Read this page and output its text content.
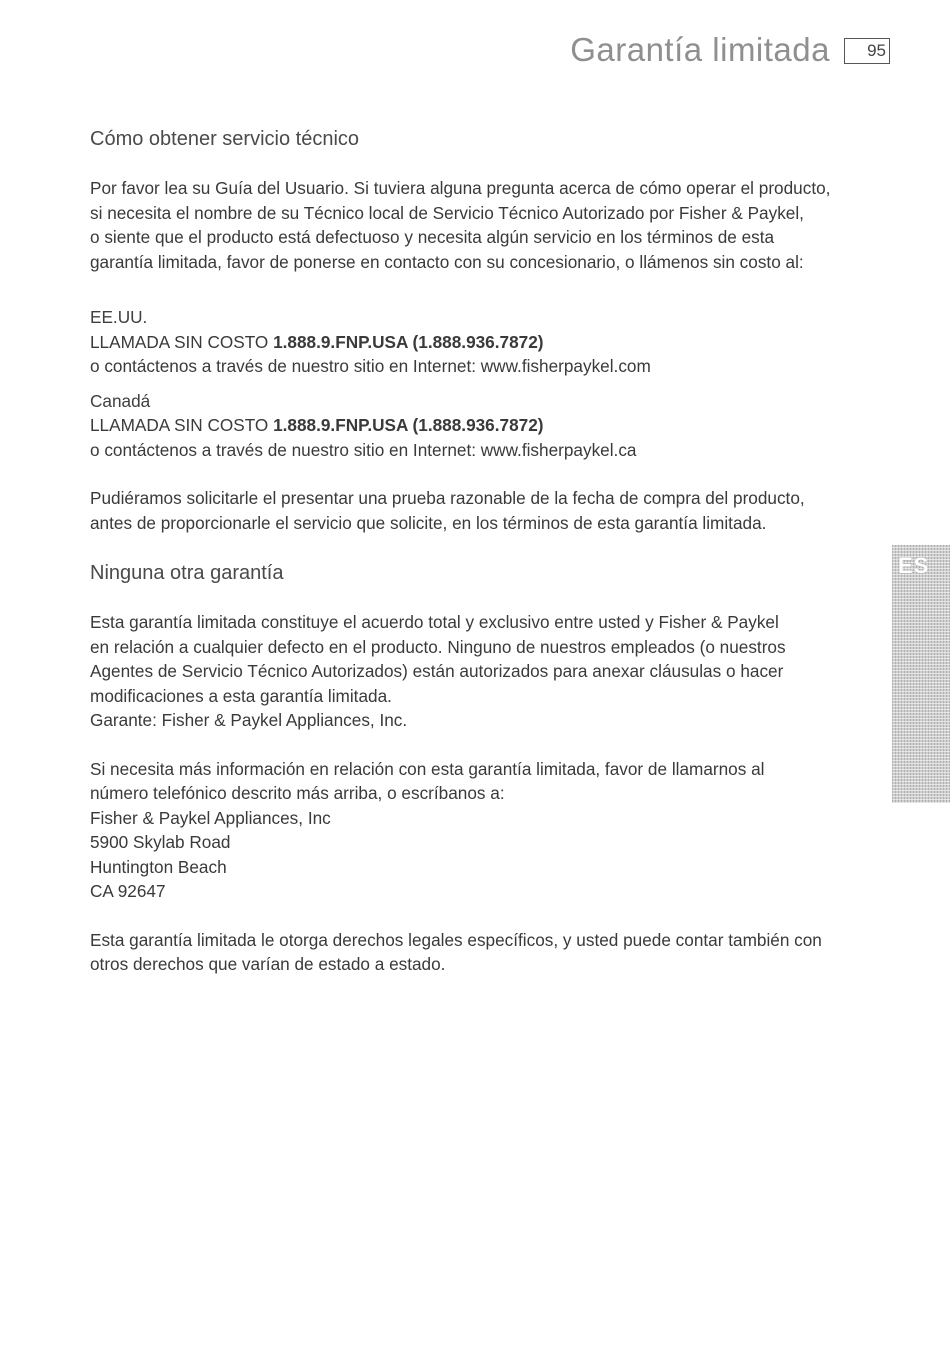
Garantía limitada	95
ES
Cómo obtener servicio técnico

Por favor lea su Guía del Usuario. Si tuviera alguna pregunta acerca de cómo operar el producto,
si necesita el nombre de su Técnico local de Servicio Técnico Autorizado por Fisher & Paykel,
o siente que el producto está defectuoso y necesita algún servicio en los términos de esta
garantía limitada, favor de ponerse en contacto con su concesionario, o llámenos sin costo al:

EE.UU.
LLAMADA SIN COSTO 1.888.9.FNP.USA (1.888.936.7872)
o contáctenos a través de nuestro sitio en Internet: www.fisherpaykel.com

Canadá
LLAMADA SIN COSTO 1.888.9.FNP.USA (1.888.936.7872)
o contáctenos a través de nuestro sitio en Internet: www.fisherpaykel.ca

Pudiéramos solicitarle el presentar una prueba razonable de la fecha de compra del producto,
antes de proporcionarle el servicio que solicite, en los términos de esta garantía limitada.

Ninguna otra garantía

Esta garantía limitada constituye el acuerdo total y exclusivo entre usted y Fisher & Paykel
en relación a cualquier defecto en el producto. Ninguno de nuestros empleados (o nuestros
Agentes de Servicio Técnico Autorizados) están autorizados para anexar cláusulas o hacer
modificaciones a esta garantía limitada.
Garante: Fisher & Paykel Appliances, Inc.

Si necesita más información en relación con esta garantía limitada, favor de llamarnos al
número telefónico descrito más arriba, o escríbanos a:
Fisher & Paykel Appliances, Inc
5900 Skylab Road
Huntington Beach
CA 92647

Esta garantía limitada le otorga derechos legales específicos, y usted puede contar también con
otros derechos que varían de estado a estado.
